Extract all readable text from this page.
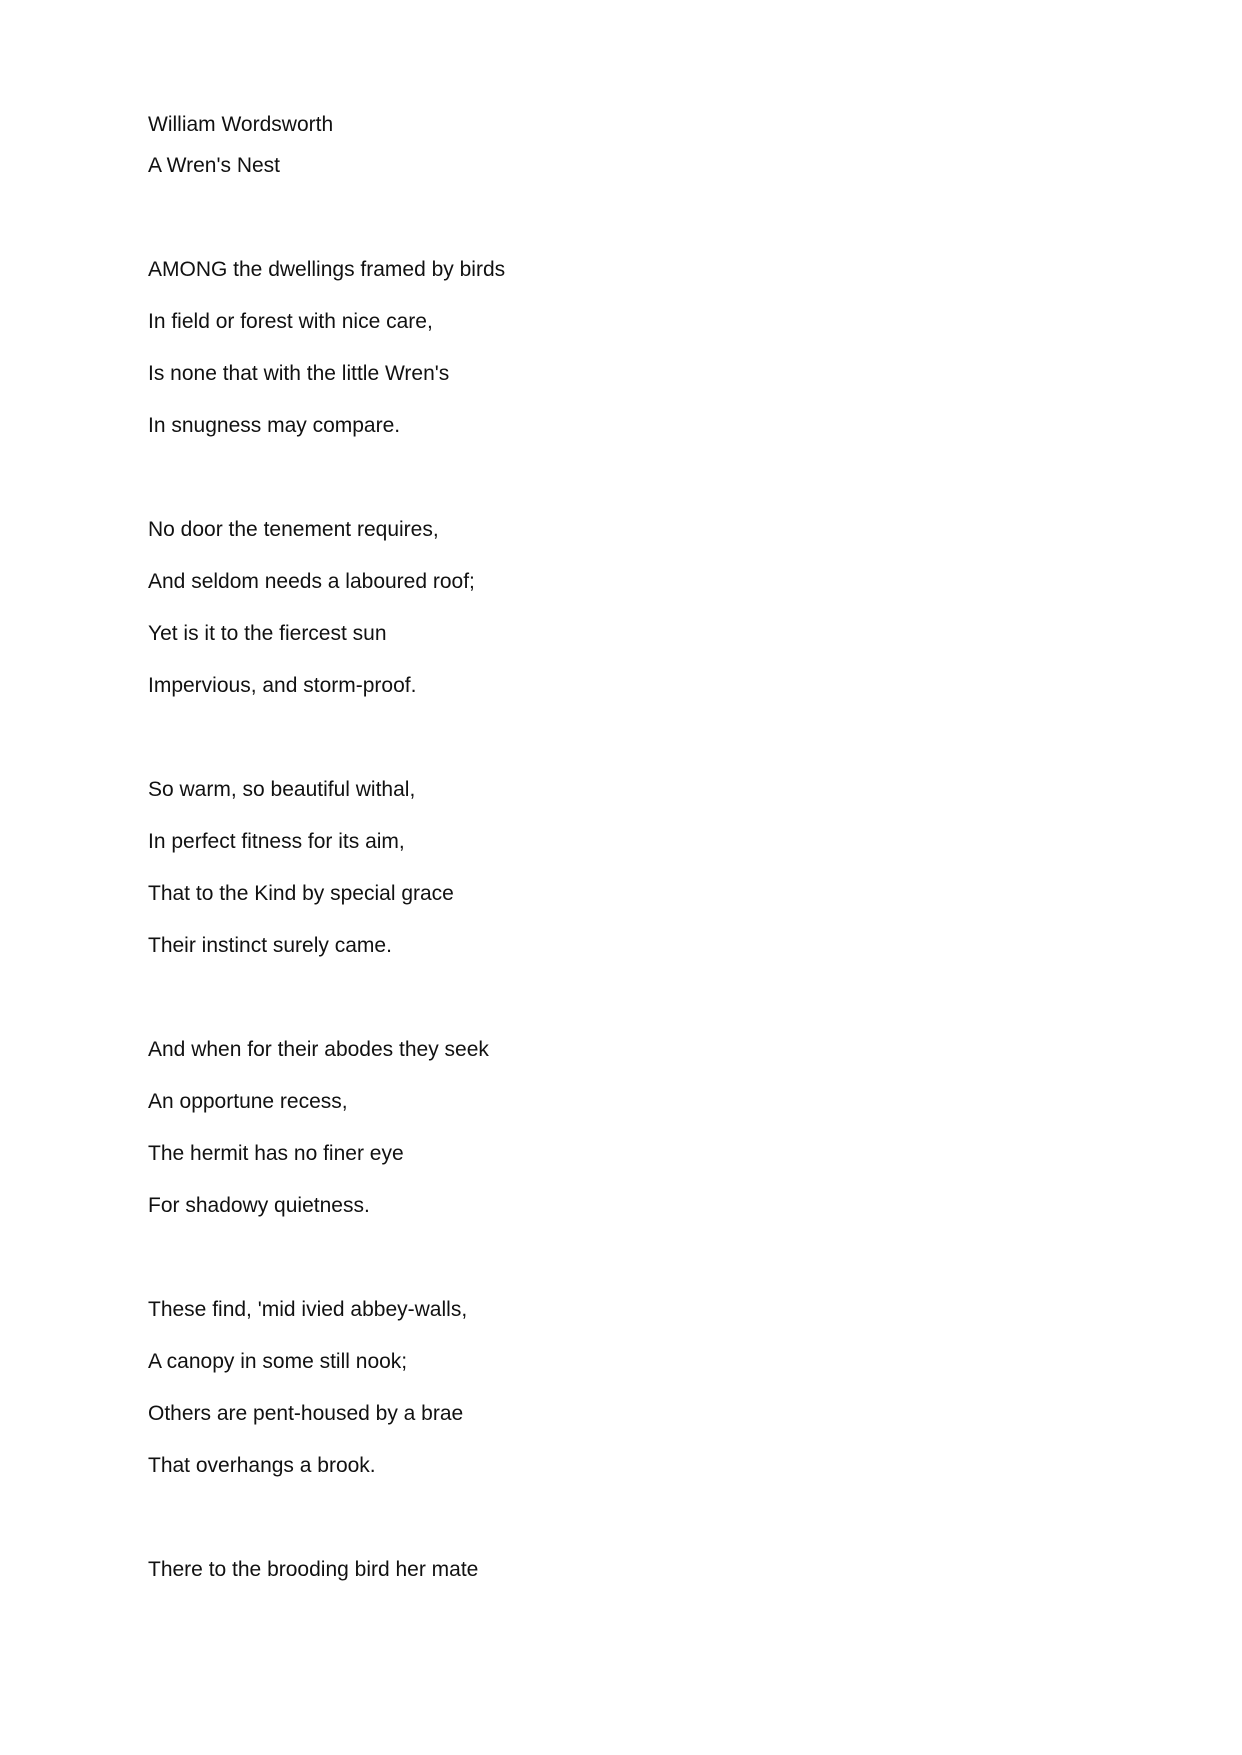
William Wordsworth
A Wren's Nest
AMONG the dwellings framed by birds
In field or forest with nice care,
Is none that with the little Wren's
In snugness may compare.
No door the tenement requires,
And seldom needs a laboured roof;
Yet is it to the fiercest sun
Impervious, and storm-proof.
So warm, so beautiful withal,
In perfect fitness for its aim,
That to the Kind by special grace
Their instinct surely came.
And when for their abodes they seek
An opportune recess,
The hermit has no finer eye
For shadowy quietness.
These find, 'mid ivied abbey-walls,
A canopy in some still nook;
Others are pent-housed by a brae
That overhangs a brook.
There to the brooding bird her mate
